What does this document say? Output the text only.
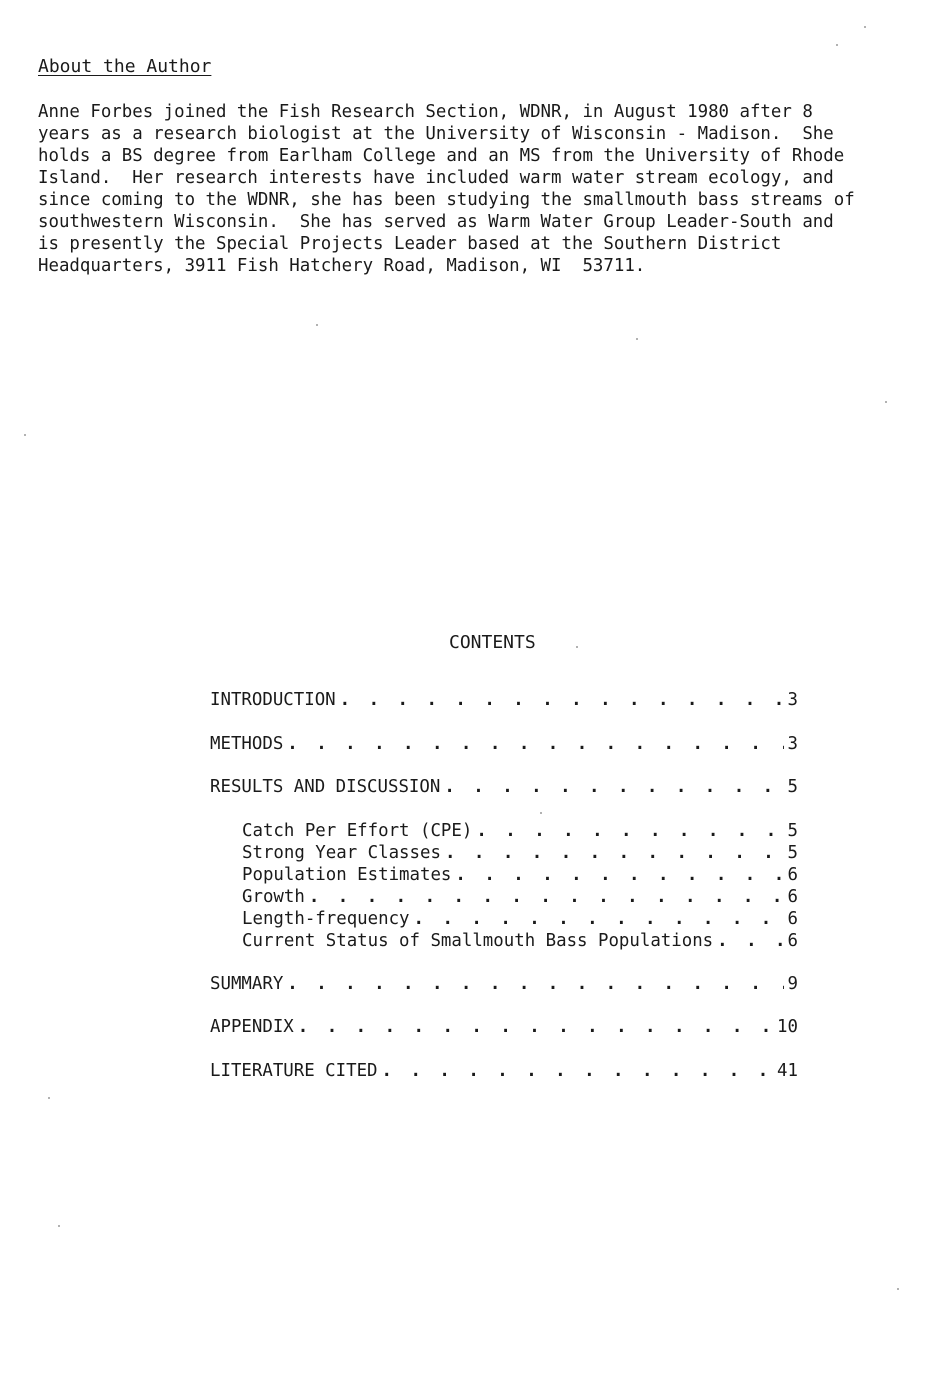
About the Author

Anne Forbes joined the Fish Research Section, WDNR, in August 1980 after 8
years as a research biologist at the University of Wisconsin - Madison.  She
holds a BS degree from Earlham College and an MS from the University of Rhode
Island.  Her research interests have included warm water stream ecology, and
since coming to the WDNR, she has been studying the smallmouth bass streams of
southwestern Wisconsin.  She has served as Warm Water Group Leader-South and
is presently the Special Projects Leader based at the Southern District
Headquarters, 3911 Fish Hatchery Road, Madison, WI  53711.

CONTENTS
INTRODUCTION . . .	3
METHODS . . .	3
RESULTS AND DISCUSSION . . .	5
Catch Per Effort (CPE) . . .	5
Strong Year Classes . . .	5
Population Estimates . . .	6
Growth . . .	6
Length-frequency . . .	6
Current Status of Smallmouth Bass Populations . . .	6
SUMMARY . . .	9
APPENDIX . . .	10
LITERATURE CITED . . .	41
